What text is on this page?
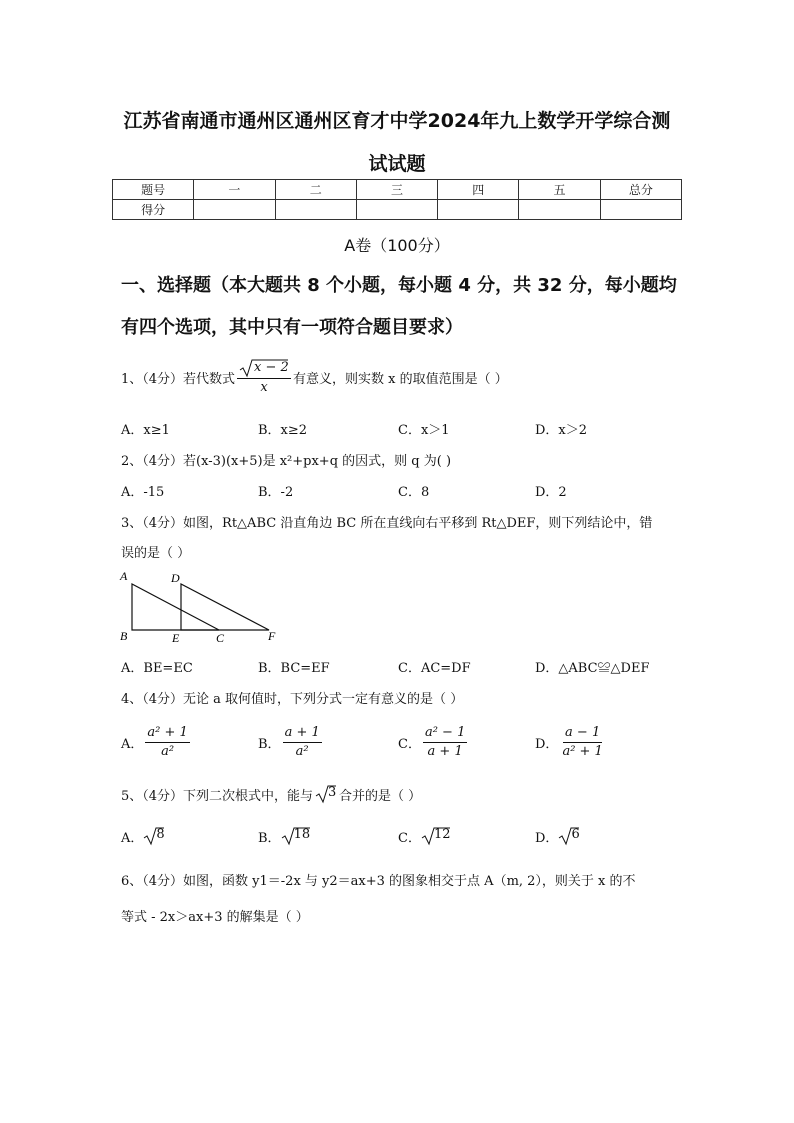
江苏省南通市通州区通州区育才中学2024年九上数学开学综合测
试试题
题号	一	二	三	四	五	总分
得分						
A卷（100分）
一、选择题（本大题共 8 个小题，每小题 4 分，共 32 分，每小题均
有四个选项，其中只有一项符合题目要求）
1、（4分）若代数式 $\frac{x - 2}{x}$ 有意义，则实数 x 的取值范围是（ ）
A．x≥1	B．x≥2	C．x＞1	D．x＞2
2、（4分）若(x-3)(x+5)是 x²+px+q 的因式，则 q 为( )
A．-15	B．-2	C．8	D．2
3、（4分）如图，Rt△ABC 沿直角边 BC 所在直线向右平移到 Rt△DEF，则下列结论中，错
误的是（ ）
A	D
B	E	C	F
A．BE=EC	B．BC=EF	C．AC=DF	D．△ABC≌△DEF
4、（4分）无论 a 取何值时，下列分式一定有意义的是（ ）
A． $\frac{\text{a² + 1}}{\text{a²}}$	B． $\frac{a + 1}{\text{a²}}$	C． $\frac{\text{a² − 1}}{a + 1}$	D． $\frac{a - 1}{\text{a² + 1}}$
5、（4分）下列二次根式中，能与 3 合并的是（ ）
A． 8	B． 18	C． 12	D． 6
6、（4分）如图，函数 y1＝-2x 与 y2＝ax+3 的图象相交于点 A（m, 2），则关于 x 的不
等式 - 2x＞ax+3 的解集是（ ）
